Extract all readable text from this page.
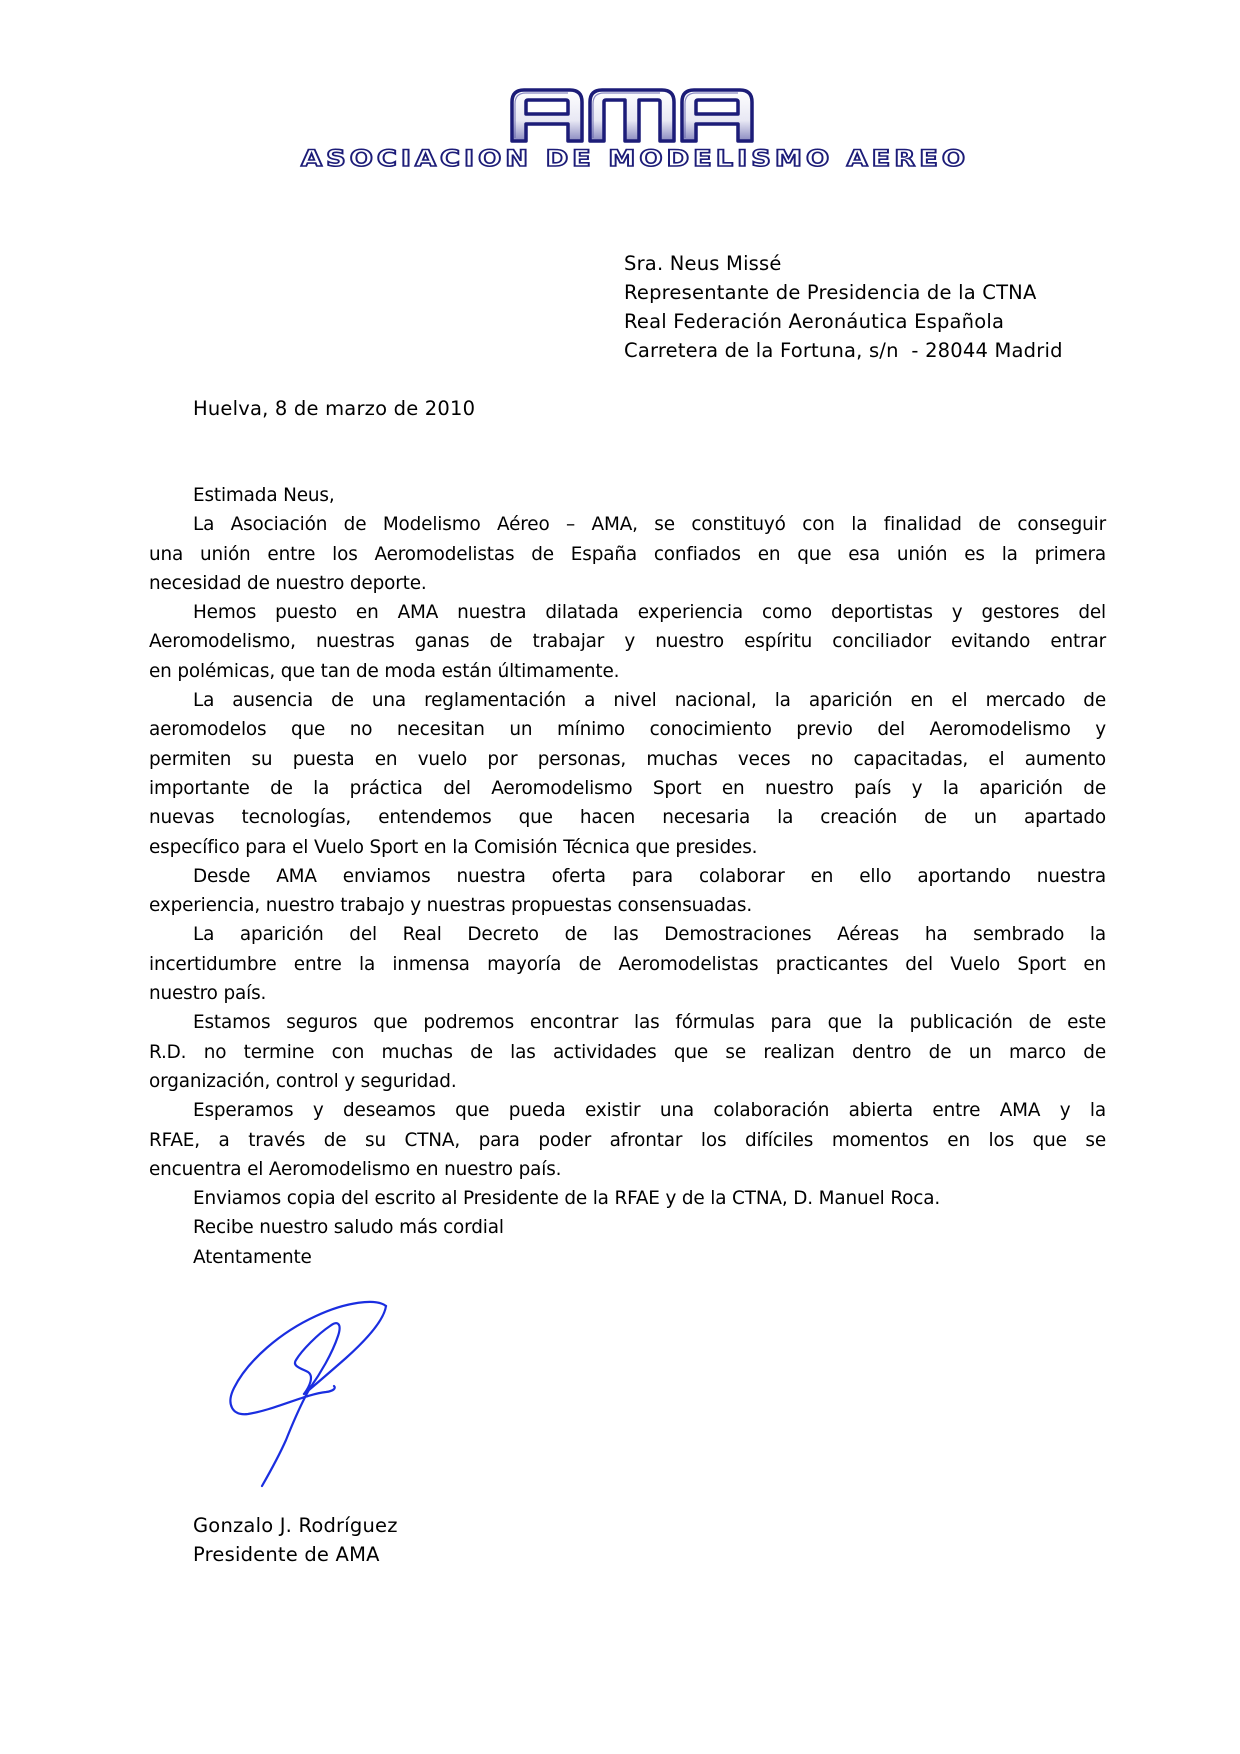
ASOCIACION DE MODELISMO AEREO
Sra. Neus Missé
Representante de Presidencia de la CTNA
Real Federación Aeronáutica Española
Carretera de la Fortuna, s/n  - 28044 Madrid
Huelva, 8 de marzo de 2010
Estimada Neus,
La Asociación de Modelismo Aéreo – AMA, se constituyó con la finalidad de conseguir
una unión entre los Aeromodelistas de España confiados en que esa unión es la primera
necesidad de nuestro deporte.
Hemos puesto en AMA nuestra dilatada experiencia como deportistas y gestores del
Aeromodelismo, nuestras ganas de trabajar y nuestro espíritu conciliador evitando entrar
en polémicas, que tan de moda están últimamente.
La ausencia de una reglamentación a nivel nacional, la aparición en el mercado de
aeromodelos que no necesitan un mínimo conocimiento previo del Aeromodelismo y
permiten su puesta en vuelo por personas, muchas veces no capacitadas, el aumento
importante de la práctica del Aeromodelismo Sport en nuestro país y la aparición de
nuevas tecnologías, entendemos que hacen necesaria la creación de un apartado
específico para el Vuelo Sport en la Comisión Técnica que presides.
Desde AMA enviamos nuestra oferta para colaborar en ello aportando nuestra
experiencia, nuestro trabajo y nuestras propuestas consensuadas.
La aparición del Real Decreto de las Demostraciones Aéreas ha sembrado la
incertidumbre entre la inmensa mayoría de Aeromodelistas practicantes del Vuelo Sport en
nuestro país.
Estamos seguros que podremos encontrar las fórmulas para que la publicación de este
R.D. no termine con muchas de las actividades que se realizan dentro de un marco de
organización, control y seguridad.
Esperamos y deseamos que pueda existir una colaboración abierta entre AMA y la
RFAE, a través de su CTNA, para poder afrontar los difíciles momentos en los que se
encuentra el Aeromodelismo en nuestro país.
Enviamos copia del escrito al Presidente de la RFAE y de la CTNA, D. Manuel Roca.
Recibe nuestro saludo más cordial
Atentamente
Gonzalo J. Rodríguez
Presidente de AMA
